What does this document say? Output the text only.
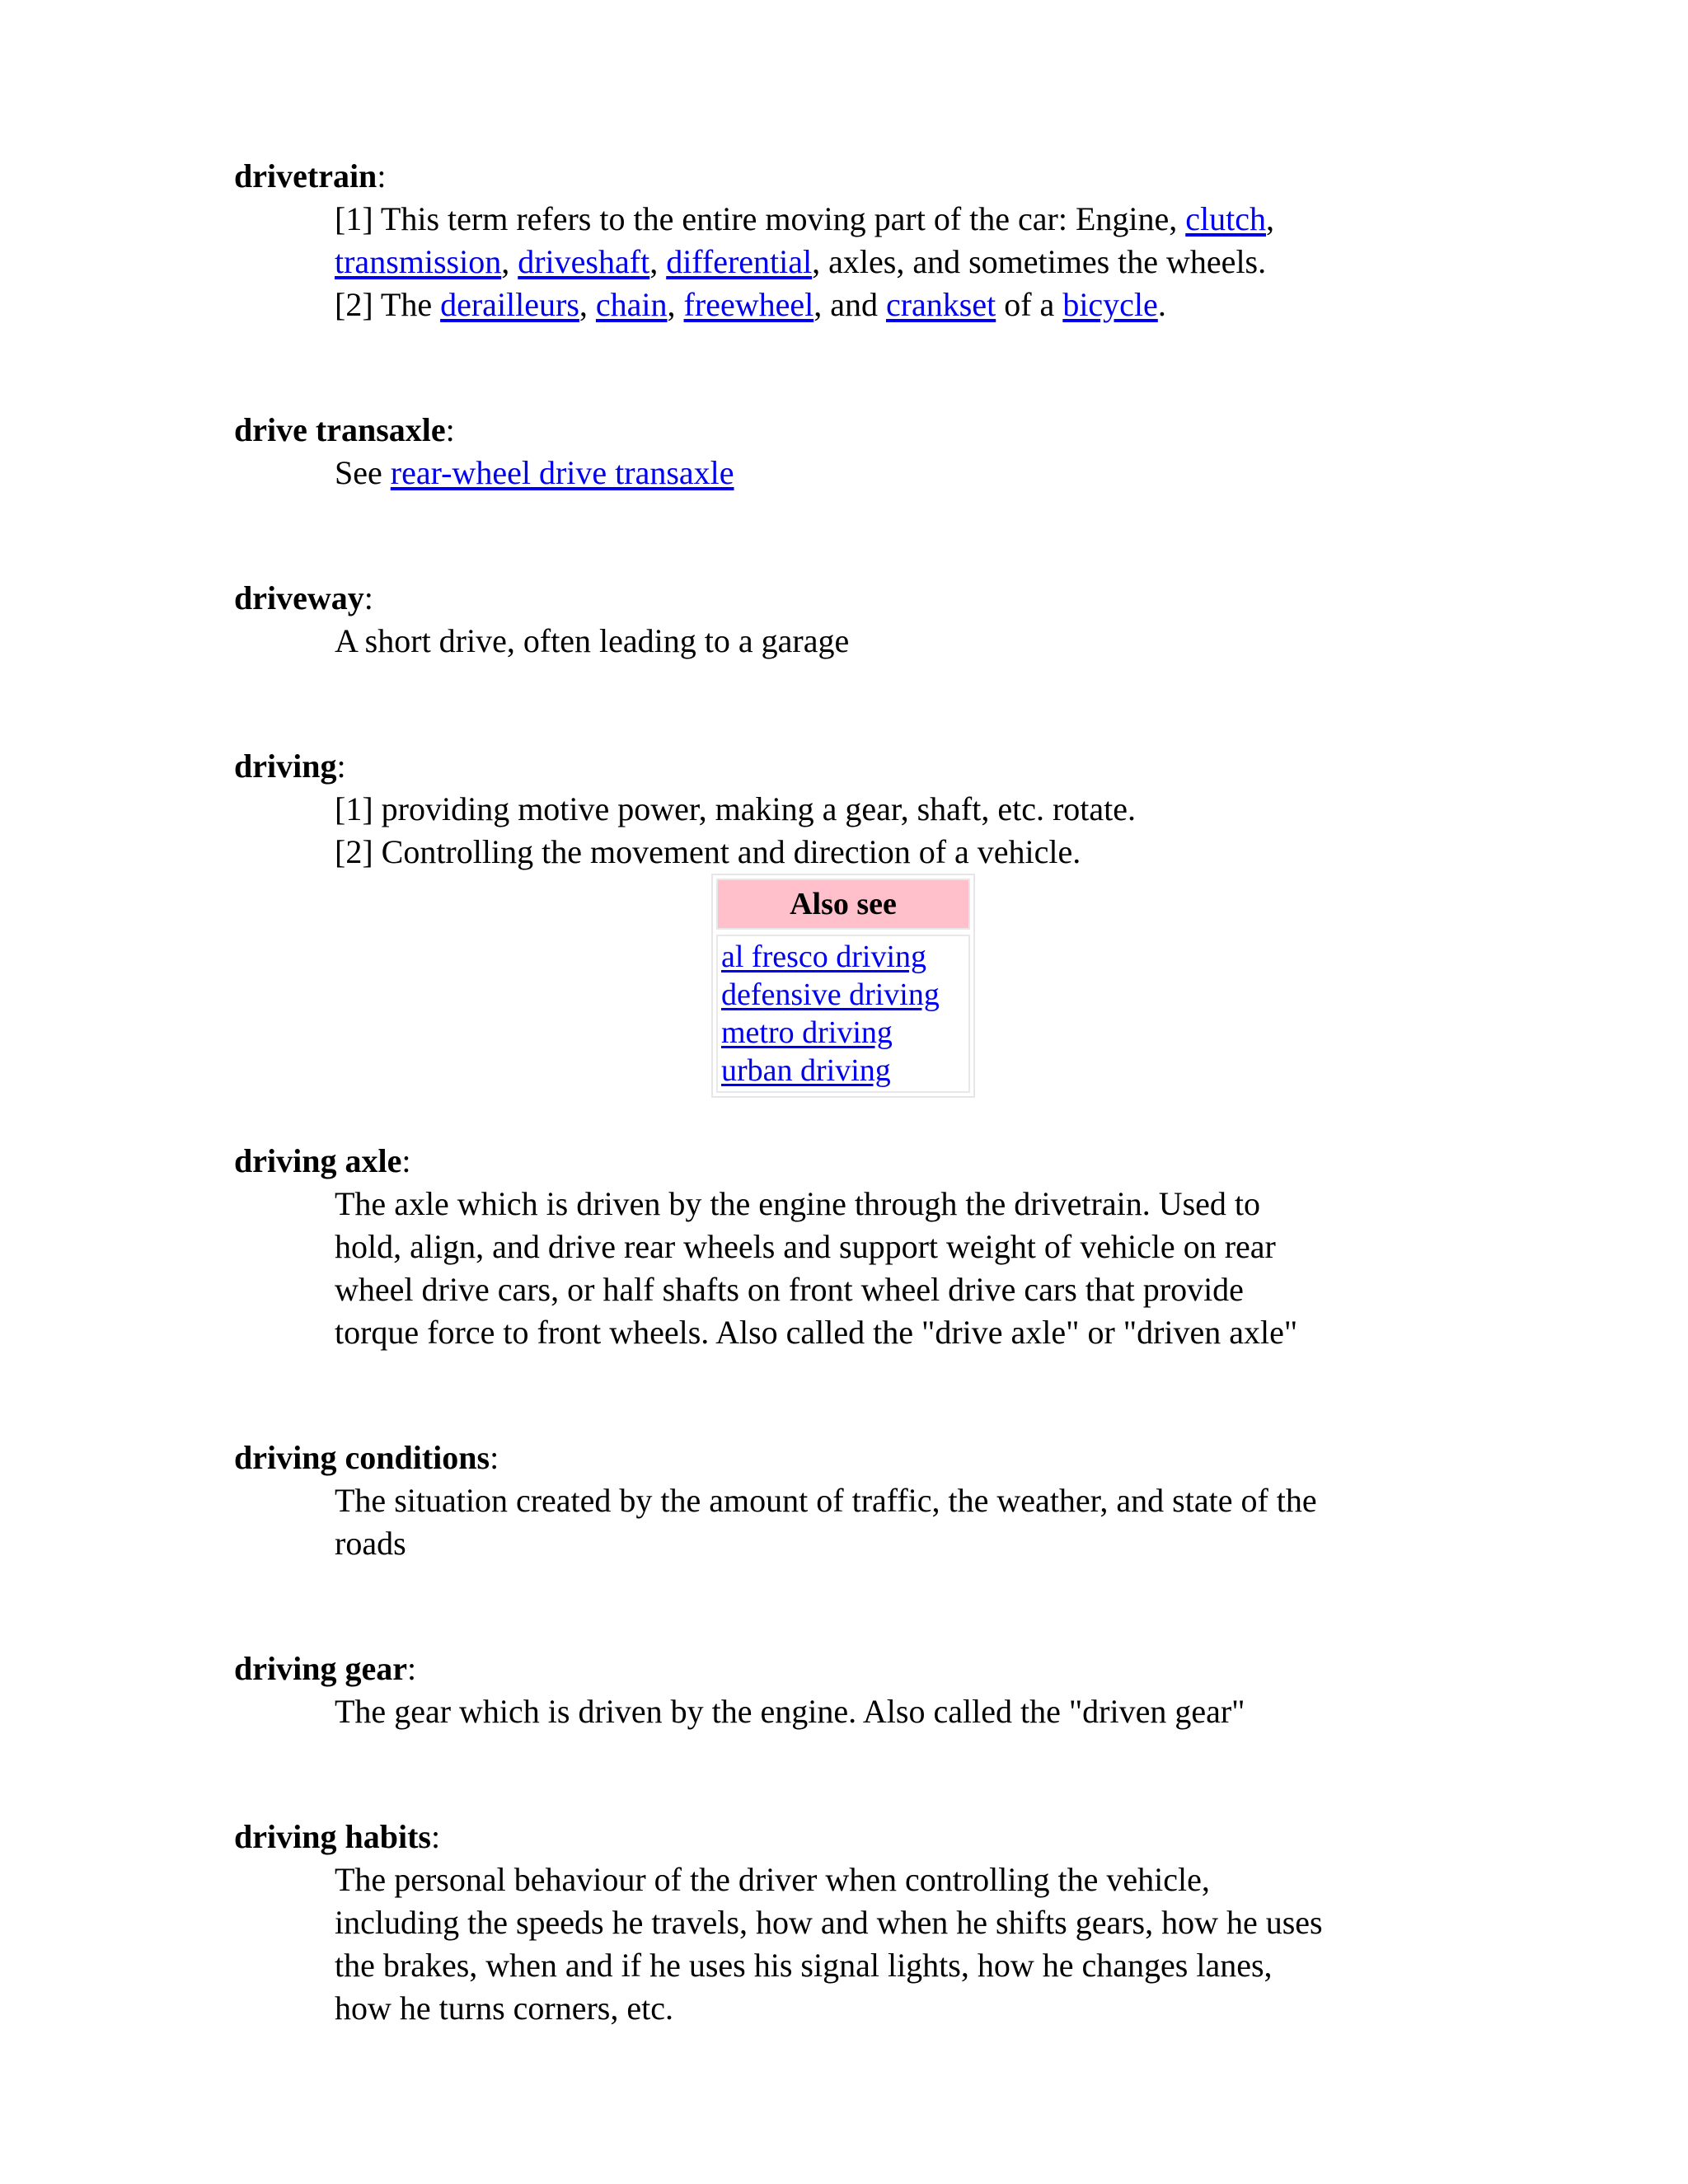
drivetrain:

[1] This term refers to the entire moving part of the car: Engine, clutch,
transmission, driveshaft, differential, axles, and sometimes the wheels.
[2] The derailleurs, chain, freewheel, and crankset of a bicycle.

drive transaxle:

See rear-wheel drive transaxle

driveway:

A short drive, often leading to a garage

driving:

[1] providing motive power, making a gear, shaft, etc. rotate.
[2] Controlling the movement and direction of a vehicle.

Also see
al fresco driving
defensive driving
metro driving
urban driving

driving axle:

The axle which is driven by the engine through the drivetrain. Used to
hold, align, and drive rear wheels and support weight of vehicle on rear
wheel drive cars, or half shafts on front wheel drive cars that provide
torque force to front wheels. Also called the "drive axle" or "driven axle"

driving conditions:

The situation created by the amount of traffic, the weather, and state of the
roads

driving gear:

The gear which is driven by the engine. Also called the "driven gear"

driving habits:

The personal behaviour of the driver when controlling the vehicle,
including the speeds he travels, how and when he shifts gears, how he uses
the brakes, when and if he uses his signal lights, how he changes lanes,
how he turns corners, etc.
